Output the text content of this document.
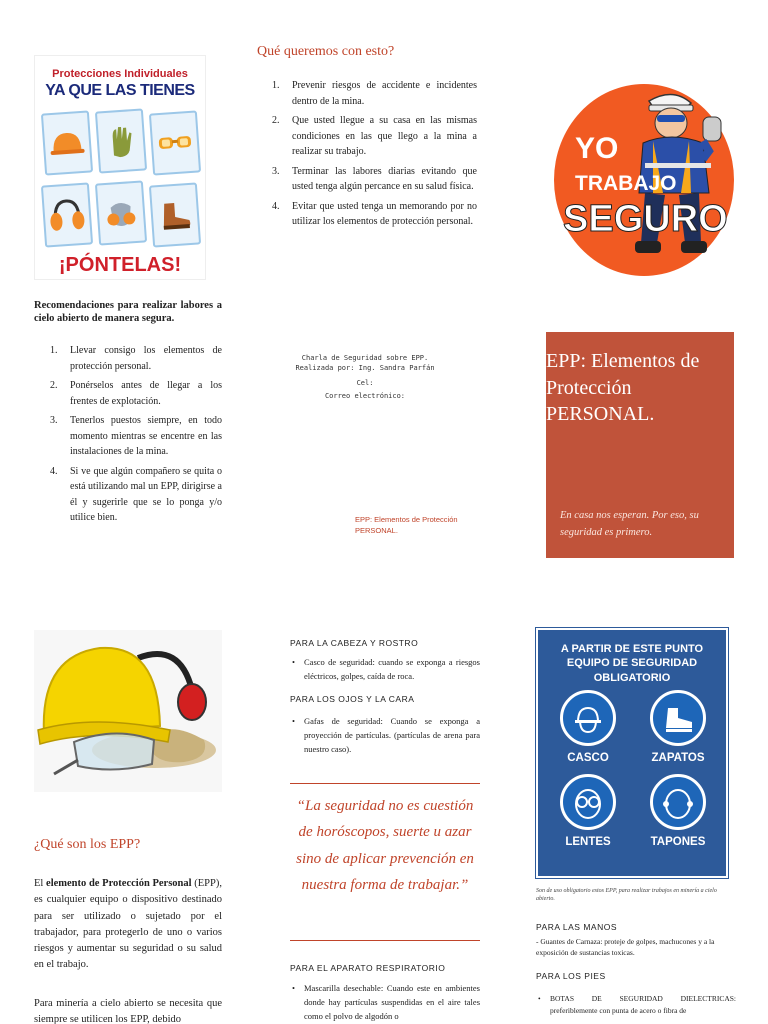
Protecciones Individuales
YA QUE LAS TIENES
¡PÓNTELAS!
Recomendaciones para realizar labores a cielo abierto de manera segura.
1. Llevar consigo los elementos de protección personal.
2. Ponérselos antes de llegar a los frentes de explotación.
3. Tenerlos puestos siempre, en todo momento mientras se encentre en las instalaciones de la mina.
4. Si ve que algún compañero se quita o está utilizando mal un EPP, dirigirse a él y sugerirle que se lo ponga y/o utilice bien.
Qué queremos con esto?
1. Prevenir riesgos de accidente e incidentes dentro de la mina.
2. Que usted llegue a su casa en las mismas condiciones en las que llego a la mina a realizar su trabajo.
3. Terminar las labores diarias evitando que usted tenga algún percance en su salud física.
4. Evitar que usted tenga un memorando por no utilizar los elementos de protección personal.
Charla de Seguridad sobre EPP.
Realizada por: Ing. Sandra Parfán
Cel:
Correo electrónico:
EPP: Elementos de Protección PERSONAL.
YO
TRABAJO
SEGURO
EPP: Elementos de Protección PERSONAL.
En casa nos esperan. Por eso, su seguridad es primero.
¿Qué son los EPP?
El elemento de Protección Personal (EPP), es cualquier equipo o dispositivo destinado para ser utilizado o sujetado por el trabajador, para protegerlo de uno o varios riesgos y aumentar su seguridad o su salud en el trabajo.
Para minería a cielo abierto se necesita que siempre se utilicen los EPP, debido
PARA LA CABEZA Y ROSTRO
• Casco de seguridad: cuando se exponga a riesgos eléctricos, golpes, caída de roca.
PARA LOS OJOS Y LA CARA
• Gafas de seguridad: Cuando se exponga a proyección de partículas. (partículas de arena para nuestro caso).
“La seguridad no es cuestión de horóscopos, suerte u azar sino de aplicar prevención en nuestra forma de trabajar.”
PARA EL APARATO RESPIRATORIO
• Mascarilla desechable: Cuando este en ambientes donde hay partículas suspendidas en el aire tales como el polvo de algodón o
A PARTIR DE ESTE PUNTO EQUIPO DE SEGURIDAD OBLIGATORIO
CASCO	ZAPATOS
LENTES	TAPONES
Son de uso obligatorio estos EPP, para realizar trabajos en minería a cielo abierto.
PARA LAS MANOS
- Guantes de Carnaza: proteje de golpes, machucones y a la exposición de sustancias toxicas.
PARA LOS PIES
• BOTAS DE SEGURIDAD DIELECTRICAS: preferiblemente con punta de acero o fibra de
